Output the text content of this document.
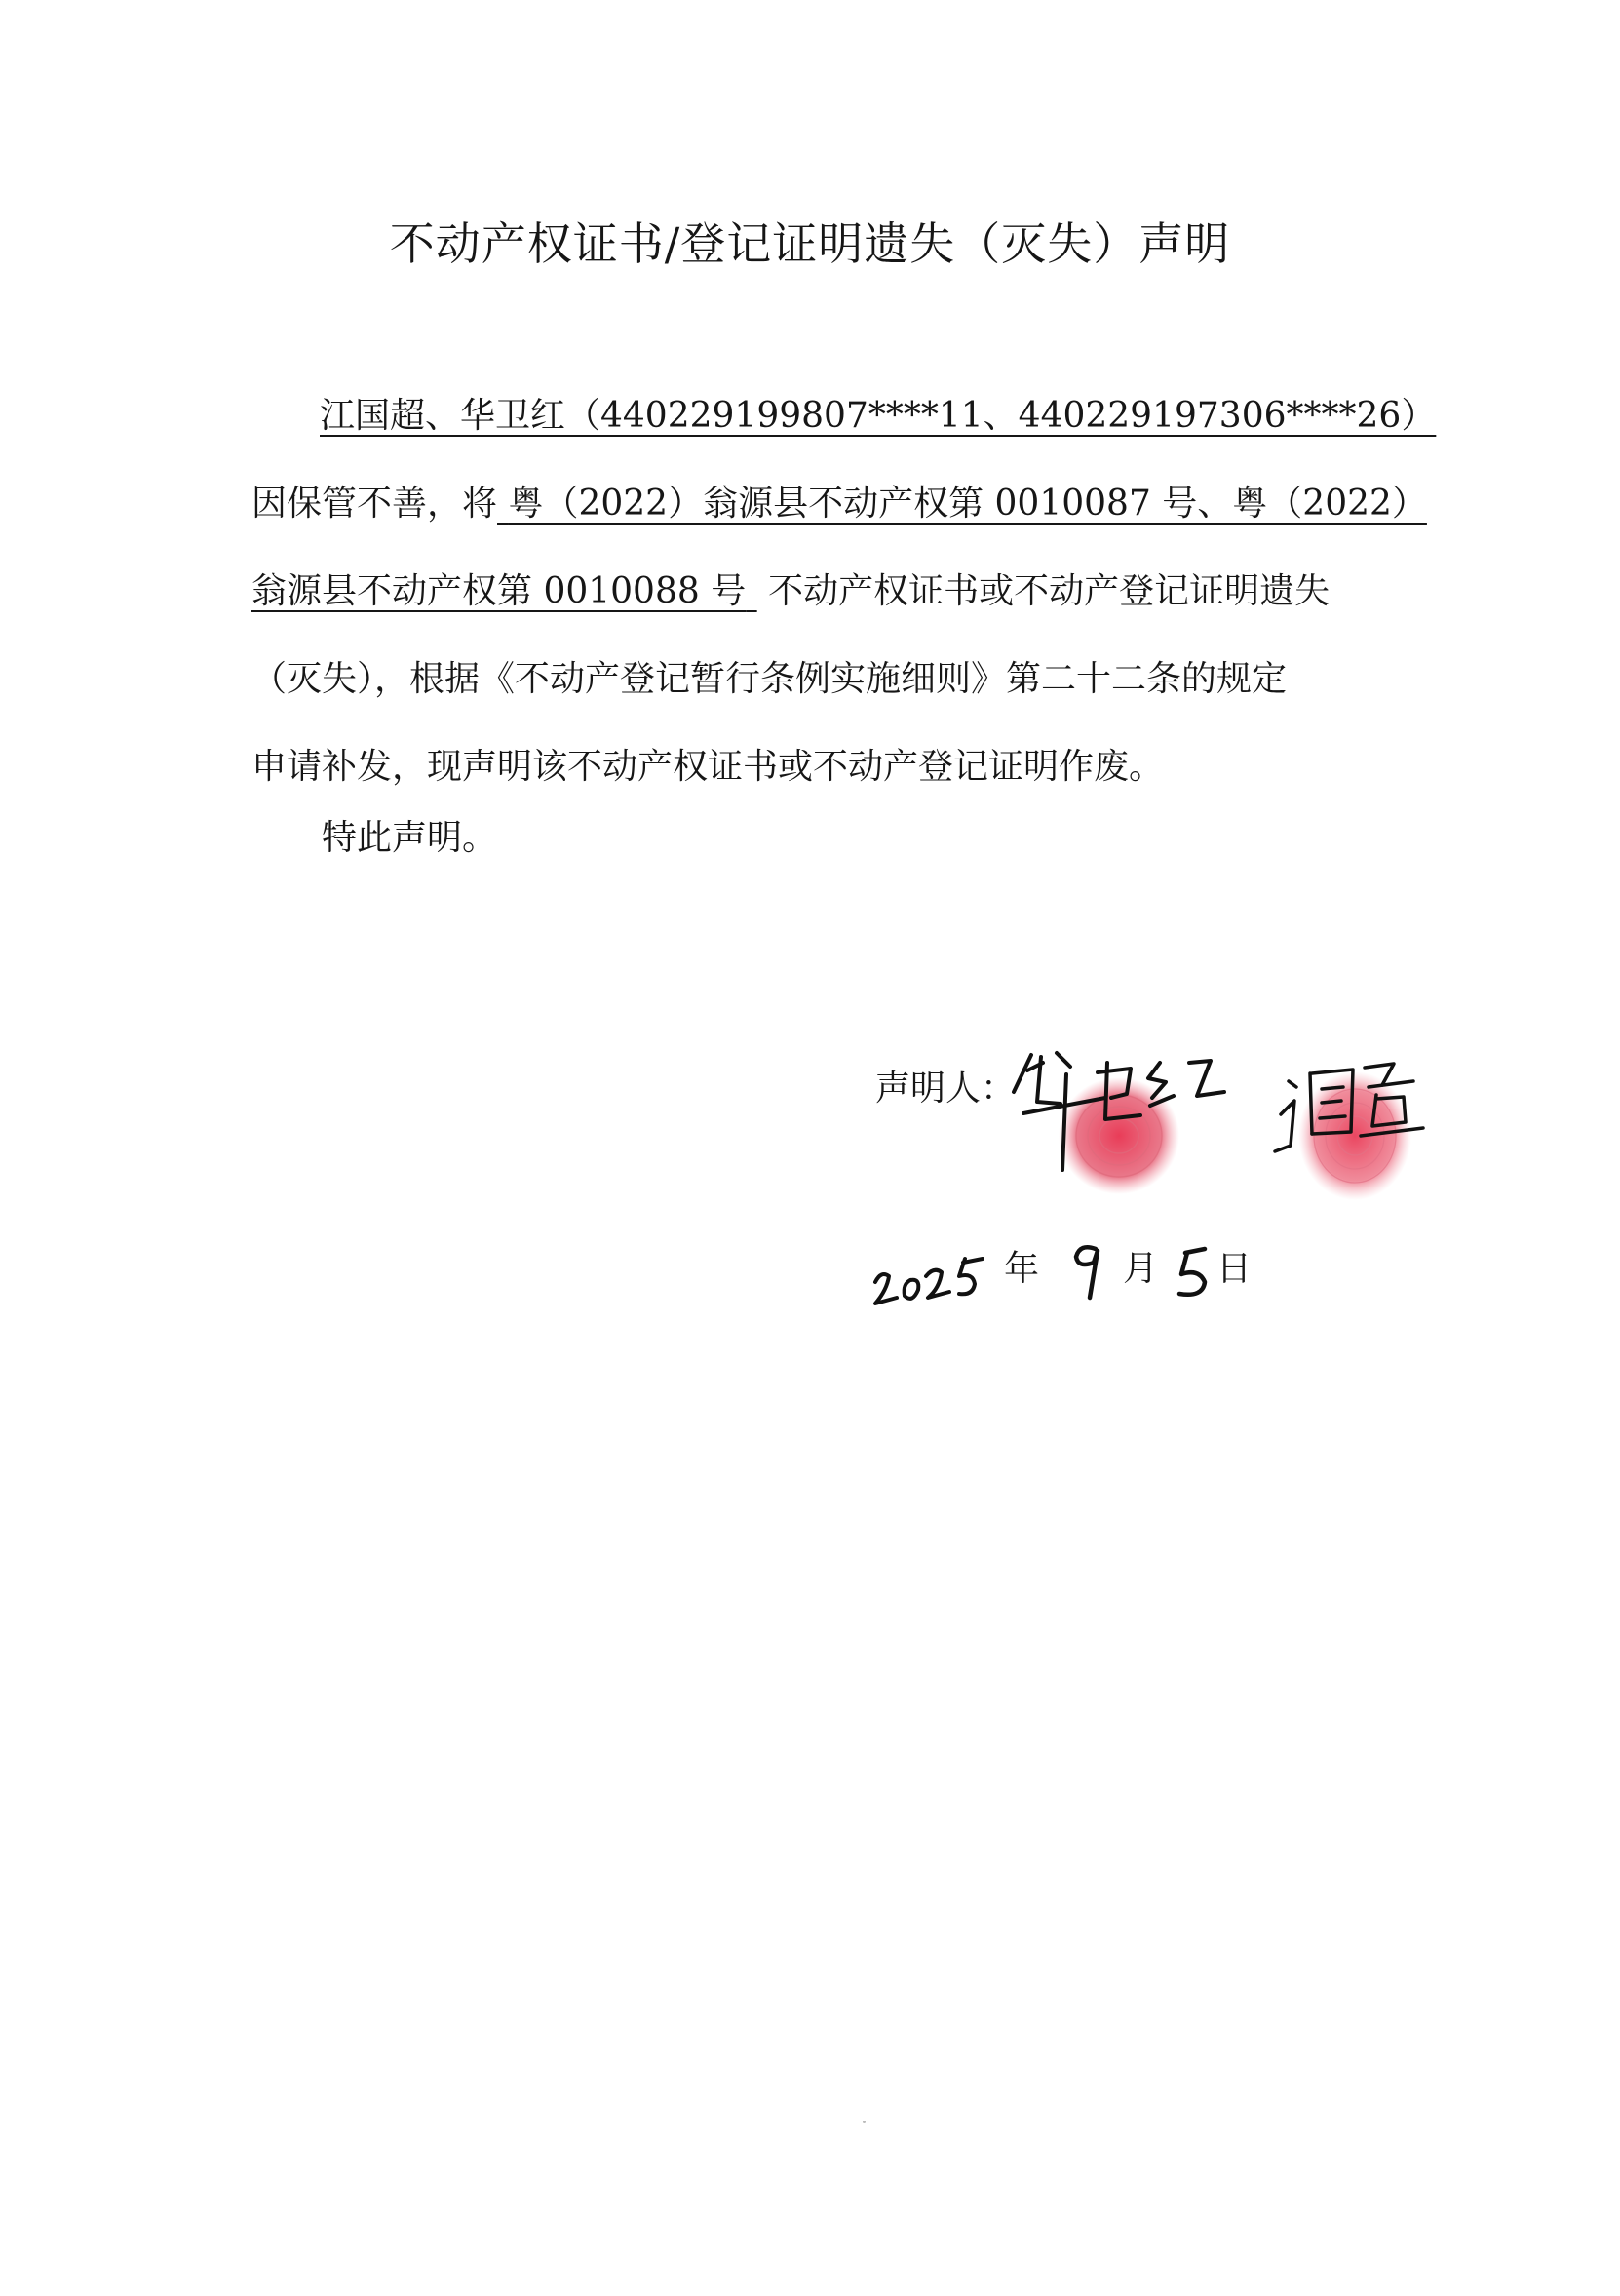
不动产权证书/登记证明遗失（灭失）声明
江国超、华卫红（440229199807****11、440229197306****26）
因保管不善，将 粤（2022）翁源县不动产权第 0010087 号、粤（2022）
翁源县不动产权第 0010088 号 不动产权证书或不动产登记证明遗失
（灭失），根据《不动产登记暂行条例实施细则》第二十二条的规定
申请补发，现声明该不动产权证书或不动产登记证明作废。
特此声明。
声明人：
年 月 日
